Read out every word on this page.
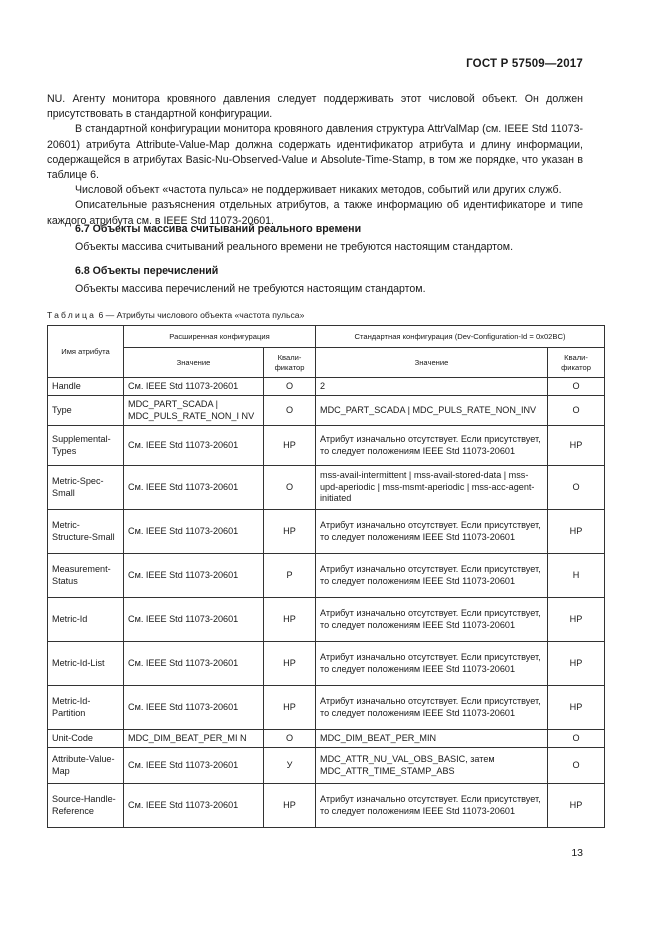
ГОСТ Р 57509—2017

NU. Агенту монитора кровяного давления следует поддерживать этот числовой объект. Он должен присутствовать в стандартной конфигурации.

В стандартной конфигурации монитора кровяного давления структура AttrValMap (см. IEEE Std 11073-20601) атрибута Attribute-Value-Map должна содержать идентификатор атрибута и длину информации, содержащейся в атрибутах Basic-Nu-Observed-Value и Absolute-Time-Stamp, в том же порядке, что указан в таблице 6.

Числовой объект «частота пульса» не поддерживает никаких методов, событий или других служб.

Описательные разъяснения отдельных атрибутов, а также информацию об идентификаторе и типе каждого атрибута см. в IEEE Std 11073-20601.

6.7 Объекты массива считываний реального времени

Объекты массива считываний реального времени не требуются настоящим стандартом.

6.8 Объекты перечислений

Объекты массива перечислений не требуются настоящим стандартом.

Таблица 6 — Атрибуты числового объекта «частота пульса»
Имя атрибута	Расширенная конфигурация		Стандартная конфигурация (Dev-Configuration-Id = 0x02BC)	
	Значение	Квали-фикатор	Значение	Квали-фикатор
Handle	См. IEEE Std 11073-20601	O	2	O
Type	MDC_PART_SCADA | MDC_PULS_RATE_NON_I NV	O	MDC_PART_SCADA | MDC_PULS_RATE_NON_INV	O
Supplemental-Types	См. IEEE Std 11073-20601	НР	Атрибут изначально отсутствует. Если присутствует, то следует положениям IEEE Std 11073-20601	НР
Metric-Spec-Small	См. IEEE Std 11073-20601	O	mss-avail-intermittent | mss-avail-stored-data | mss-upd-aperiodic | mss-msmt-aperiodic | mss-acc-agent-initiated	O
Metric-Structure-Small	См. IEEE Std 11073-20601	НР	Атрибут изначально отсутствует. Если присутствует, то следует положениям IEEE Std 11073-20601	НР
Measurement-Status	См. IEEE Std 11073-20601	Р	Атрибут изначально отсутствует. Если присутствует, то следует положениям IEEE Std 11073-20601	Н
Metric-Id	См. IEEE Std 11073-20601	НР	Атрибут изначально отсутствует. Если присутствует, то следует положениям IEEE Std 11073-20601	НР
Metric-Id-List	См. IEEE Std 11073-20601	НР	Атрибут изначально отсутствует. Если присутствует, то следует положениям IEEE Std 11073-20601	НР
Metric-Id-Partition	См. IEEE Std 11073-20601	НР	Атрибут изначально отсутствует. Если присутствует, то следует положениям IEEE Std 11073-20601	НР
Unit-Code	MDC_DIM_BEAT_PER_MI N	O	MDC_DIM_BEAT_PER_MIN	O
Attribute-Value-Map	См. IEEE Std 11073-20601	У	MDC_ATTR_NU_VAL_OBS_BASIC, затем MDC_ATTR_TIME_STAMP_ABS	O
Source-Handle-Reference	См. IEEE Std 11073-20601	НР	Атрибут изначально отсутствует. Если присутствует, то следует положениям IEEE Std 11073-20601	НР
13
